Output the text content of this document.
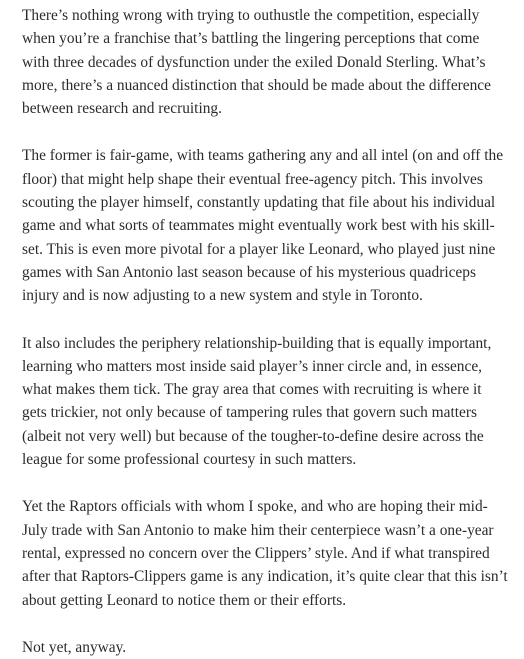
There’s nothing wrong with trying to outhustle the competition, especially when you’re a franchise that’s battling the lingering perceptions that come with three decades of dysfunction under the exiled Donald Sterling. What’s more, there’s a nuanced distinction that should be made about the difference between research and recruiting.

The former is fair-game, with teams gathering any and all intel (on and off the floor) that might help shape their eventual free-agency pitch. This involves scouting the player himself, constantly updating that file about his individual game and what sorts of teammates might eventually work best with his skill-set. This is even more pivotal for a player like Leonard, who played just nine games with San Antonio last season because of his mysterious quadriceps injury and is now adjusting to a new system and style in Toronto.

It also includes the periphery relationship-building that is equally important, learning who matters most inside said player’s inner circle and, in essence, what makes them tick. The gray area that comes with recruiting is where it gets trickier, not only because of tampering rules that govern such matters (albeit not very well) but because of the tougher-to-define desire across the league for some professional courtesy in such matters.

Yet the Raptors officials with whom I spoke, and who are hoping their mid-July trade with San Antonio to make him their centerpiece wasn’t a one-year rental, expressed no concern over the Clippers’ style. And if what transpired after that Raptors-Clippers game is any indication, it’s quite clear that this isn’t about getting Leonard to notice them or their efforts.

Not yet, anyway.
